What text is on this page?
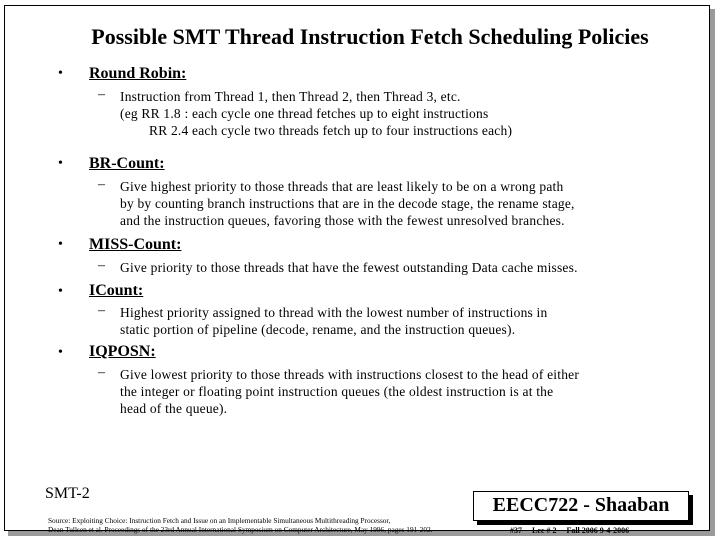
Possible SMT Thread Instruction Fetch Scheduling Policies
• Round Robin:
– Instruction from Thread 1, then Thread 2, then Thread 3, etc.
(eg RR 1.8 : each cycle one thread fetches up to eight instructions
RR 2.4 each cycle two threads fetch up to four instructions each)
• BR-Count:
– Give highest priority to those threads that are least likely to be on a wrong path
by by counting branch instructions that are in the decode stage, the rename stage,
and the instruction queues, favoring those with the fewest unresolved branches.
• MISS-Count:
– Give priority to those threads that have the fewest outstanding Data cache misses.
• ICount:
– Highest priority assigned to thread with the lowest number of instructions in
static portion of pipeline (decode, rename, and the instruction queues).
• IQPOSN:
– Give lowest priority to those threads with instructions closest to the head of either
the integer or floating point instruction queues (the oldest instruction is at the
head of the queue).
SMT-2
EECC722 - Shaaban
Source: Exploiting Choice: Instruction Fetch and Issue on an Implementable Simultaneous Multithreading Processor,
Dean Tullsen et al. Proceedings of the 23rd Annual International Symposium on Computer Architecture, May 1996, pages 191-202.	#37 Lec # 2 Fall 2006 9-4-2006
